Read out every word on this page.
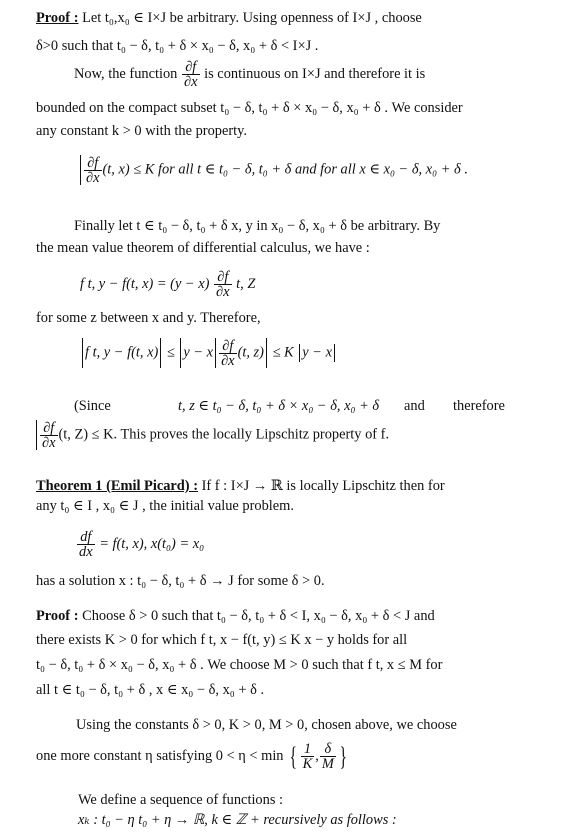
Proof : Let t₀,x₀ ∈ I×J be arbitrary. Using openness of I×J , choose
δ>0 such that t₀ − δ, t₀ + δ × x₀ − δ, x₀ + δ < I×J .
Now, the function $\frac{\partial f}{\partial x}$ is continuous on I×J and therefore it is
bounded on the compact subset t₀ − δ, t₀ + δ × x₀ − δ, x₀ + δ . We consider
any constant k > 0 with the property.
$\frac{\partial f}{\partial x} (t$, x) ≤ K for all t ∈ t₀ − δ, t₀ + δ and for all x ∈ x₀ − δ, x₀ + δ .
Finally let t ∈ t₀ − δ, t₀ + δ x, y in x₀ − δ, x₀ + δ be arbitrary. By
the mean value theorem of differential calculus, we have :
f t, y − f(t, $x) = (y - x) \frac{\partial f}{\partial x} t$, Z
for some z between x and y. Therefore,
f t, y − f(t, x) ≤ y − x $\frac{\partial f}{\partial x} (t$, z) ≤ K y − x
(Since	t, z ∈ t₀ − δ, t₀ + δ × x₀ − δ, x₀ + δ and therefore
$\frac{\partial f}{\partial x} (t$, Z) ≤ K. This proves the locally Lipschitz property of f.
Theorem 1 (Emil Picard) : If f : I×J → ℝ is locally Lipschitz then for
any t₀ ∈ I , x₀ ∈ J , the initial value problem.
$\frac{df}{dx} = f(t$, x), x(t₀) = x₀
has a solution x : t₀ − δ, t₀ + δ → J for some δ > 0.
Proof : Choose δ > 0 such that t₀ − δ, t₀ + δ < I, x₀ − δ, x₀ + δ < J and
there exists K > 0 for which f t, x − f(t, y) ≤ K x − y holds for all
t₀ − δ, t₀ + δ × x₀ − δ, x₀ + δ . We choose M > 0 such that f t, x ≤ M for
all t ∈ t₀ − δ, t₀ + δ , x ∈ x₀ − δ, x₀ + δ .
Using the constants δ > 0, K > 0, M > 0, chosen above, we choose
one more constant η satisfying 0 < η < min { $\frac{1}{K}$ , $\frac{\delta}{M}$ }
We define a sequence of functions :
xₖ : t₀ − η t₀ + η → ℝ, k ∈ ℤ + recursively as follows :
